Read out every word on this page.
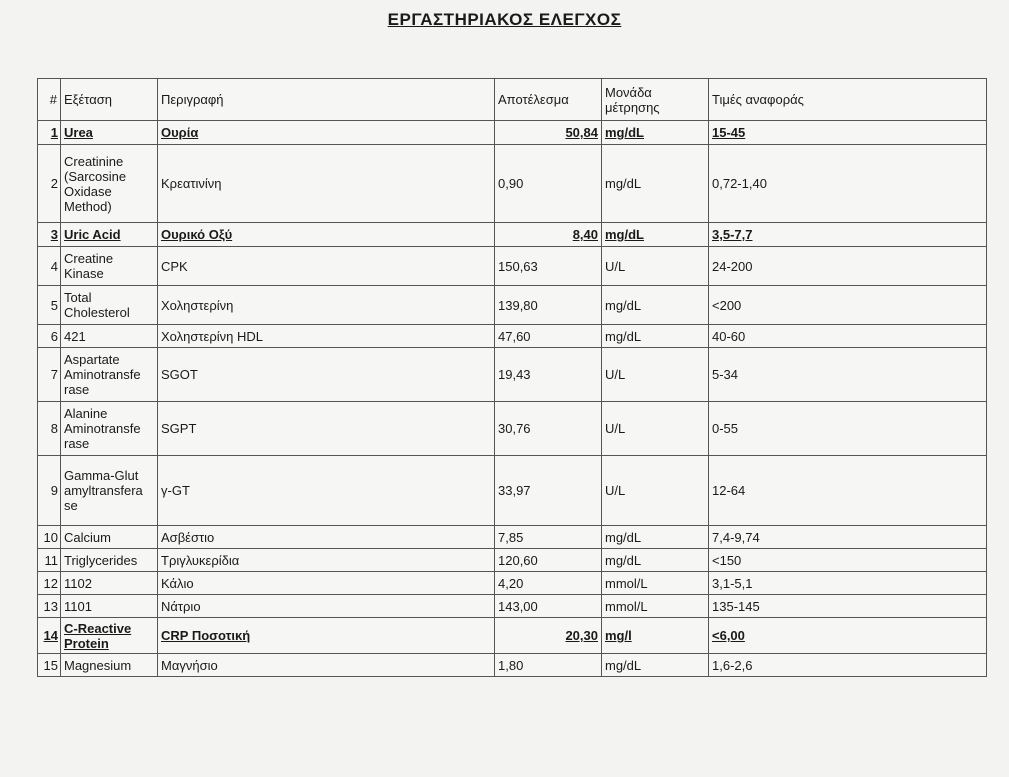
ΕΡΓΑΣΤΗΡΙΑΚΟΣ ΕΛΕΓΧΟΣ
#	Εξέταση	Περιγραφή	Αποτέλεσμα	Μονάδα μέτρησης	Τιμές αναφοράς
1	Urea	Ουρία	50,84	mg/dL	15-45
2	Creatinine (Sarcosine Oxidase Method)	Κρεατινίνη	0,90	mg/dL	0,72-1,40
3	Uric Acid	Ουρικό Οξύ	8,40	mg/dL	3,5-7,7
4	Creatine Kinase	CPK	150,63	U/L	24-200
5	Total Cholesterol	Χοληστερίνη	139,80	mg/dL	<200
6	421	Χοληστερίνη HDL	47,60	mg/dL	40-60
7	Aspartate Aminotransfe rase	SGOT	19,43	U/L	5-34
8	Alanine Aminotransfe rase	SGPT	30,76	U/L	0-55
9	Gamma-Glut amyltransfera se	γ-GT	33,97	U/L	12-64
10	Calcium	Ασβέστιο	7,85	mg/dL	7,4-9,74
11	Triglycerides	Τριγλυκερίδια	120,60	mg/dL	<150
12	1102	Κάλιο	4,20	mmol/L	3,1-5,1
13	1101	Νάτριο	143,00	mmol/L	135-145
14	C-Reactive Protein	CRP Ποσοτική	20,30	mg/l	<6,00
15	Magnesium	Μαγνήσιο	1,80	mg/dL	1,6-2,6
